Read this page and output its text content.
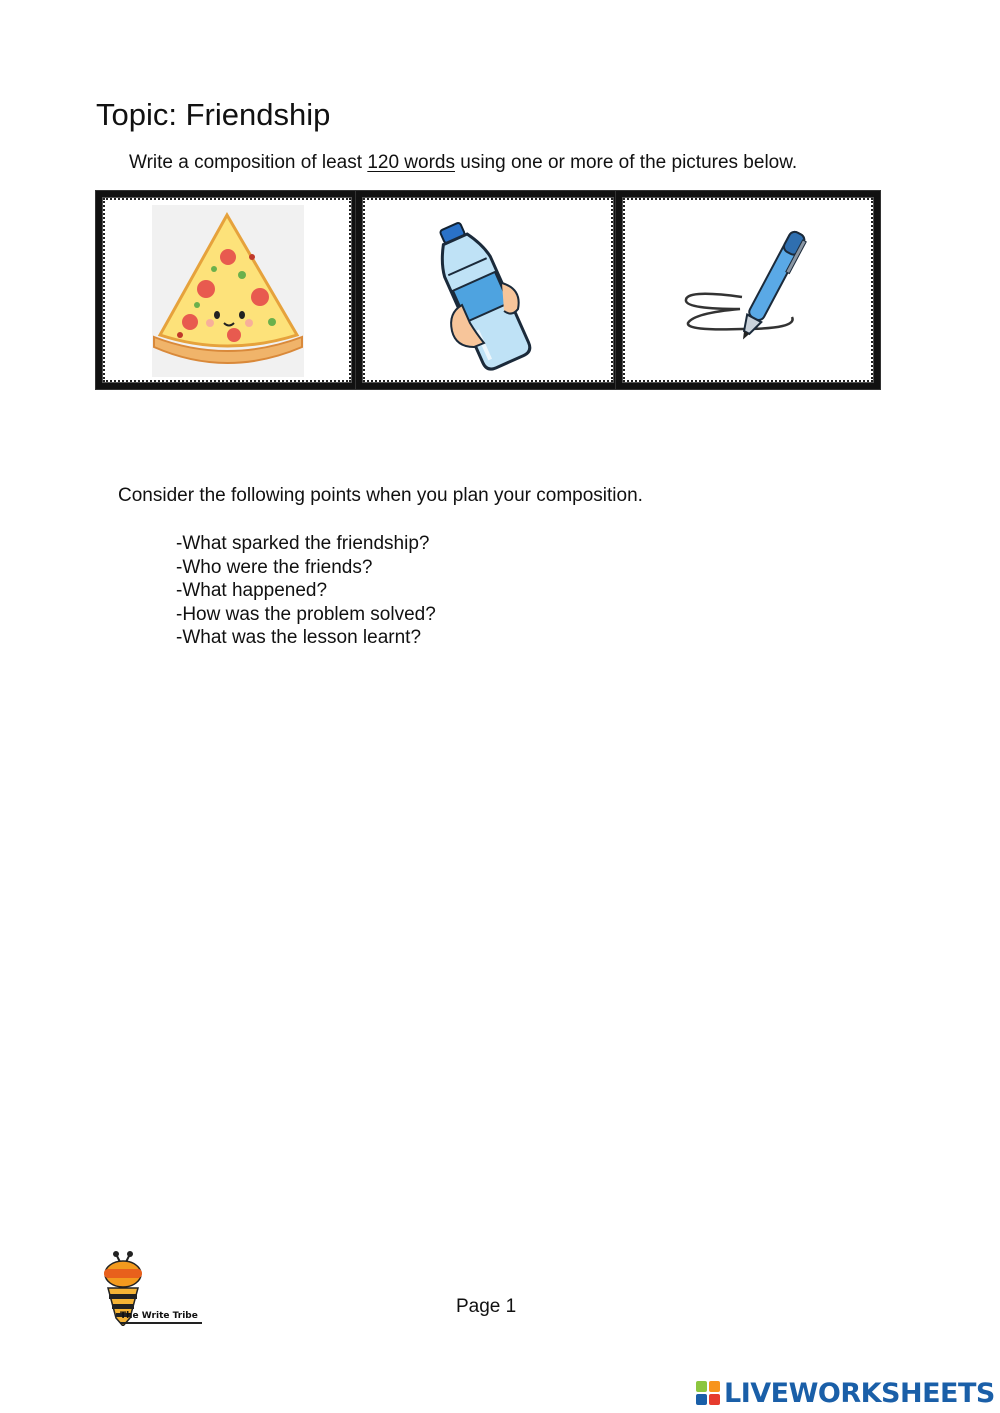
Topic: Friendship
Write a composition of least 120 words using one or more of the pictures below.
Consider the following points when you plan your composition.
-What sparked the friendship?
-Who were the friends?
-What happened?
-How was the problem solved?
-What was the lesson learnt?
The Write Tribe	Page 1
LIVEWORKSHEETS
